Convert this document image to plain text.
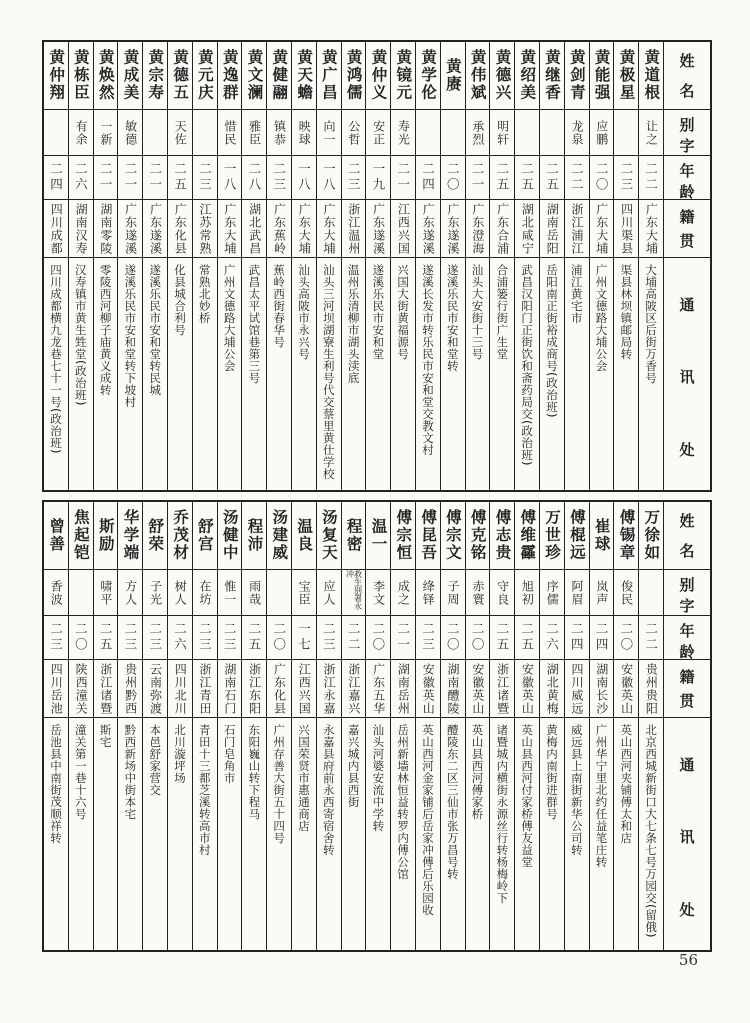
姓
名
别
字
年
龄
籍
贯
通
讯
处
黄道根
让之
二二
广东大埔
大埔高陂区后街万香号
黄极星
二三
四川渠县
渠县林坝镇邮局转
黄能强
应鹏
二〇
广东大埔
广州文德路大埔公会
黄剑青
龙泉
二二
浙江浦江
浦江黄宅市
黄继香
二五
湖南岳阳
岳阳南正街裕成商号(政治班)
黄绍美
二五
湖北咸宁
武昌汉阳门正街饮和斋药局交(政治班)
黄德兴
明轩
二五
广东合浦
合浦篓行街广生堂
黄伟斌
承烈
二一
广东澄海
汕头大安街十三号
黄赓
二〇
广东遂溪
遂溪乐民市安和堂转
黄学伦
二四
广东遂溪
遂溪长发市转乐民市安和堂交教文村
黄镜元
寿光
二一
江西兴国
兴国大街黄福源号
黄仲义
安正
一九
广东遂溪
遂溪乐民市安和堂
黄鸿儒
公哲
二三
浙江温州
温州乐清柳市湖头渎底
黄广昌
向一
一八
广东大埔
汕头三河坝湖寮生利号代交蔡里黄仕学校
黄天蟾
映球
一八
广东大埔
汕头高陂市永兴号
黄健翮
镇恭
二三
广东蕉岭
蕉岭西街春华号
黄文澜
雅臣
二八
湖北武昌
武昌太平试馆巷第三号
黄逸群
惜民
一八
广东大埔
广州文德路大埔公会
黄元庆
二三
江苏常熟
常熟北妙桥
黄德五
天佐
二五
广东化县
化县城合利号
黄宗寿
二一
广东遂溪
遂溪乐民市安和堂转民城
黄成美
敏德
二一
广东遂溪
遂溪乐民市安和堂转下坡村
黄焕然
一新
二一
湖南零陵
零陵西河柳子庙黄义成转
黄栋臣
有余
二六
湖南汉寿
汉寿镇市黄生甡堂(政治班)
黄仲翔
二四
四川成都
四川成都横九龙巷七十一号(政治班)
姓
名
别
字
年
龄
籍
贯
通
讯
处
万徐如
二二
贵州贵阳
北京西城新街口大七条七号万园交(留俄)
傅锡章
俊民
二〇
安徽英山
英山西河夹铺傅太和店
崔球
岚声
二四
湖南长沙
广州华宁里北约任益笔庄转
傅棍远
阿眉
二四
四川威远
威远县上南街新华公司转
万世珍
序儒
二六
湖北黄梅
黄梅内南街进群号
傅维靃
旭初
二五
安徽英山
英山县西河付家桥傅友益堂
傅志贵
守良
二五
浙江诸暨
诸暨城内横街永源丝行转杨梅岭下
傅克铭
赤寰
二〇
安徽英山
英山县西河傅家桥
傅宗文
子周
二〇
湖南醴陵
醴陵东二区三仙市张万昌号转
傅昆吾
绛铎
二三
安徽英山
英山西河金家铺后岳家冲傅后乐园收
傅宗恒
成之
二一
湖南岳州
岳州新墙林恒益转罗内傅公馆
温一
李文
二〇
广东五华
汕头河婆安流中学转
程密
救生别署永冲
二二
浙江嘉兴
嘉兴城内县西街
汤复天
应人
二三
浙江永嘉
永嘉县府前永西寄宿舍转
温良
宝臣
一七
江西兴国
兴国荣贤市惠通商店
汤建威
二〇
广东化县
广州存善大街五十四号
程沛
雨哉
二五
浙江东阳
东阳巍山转下程马
汤健中
惟一
二三
湖南石门
石门皂角市
舒宫
在坊
二三
浙江青田
青田十三都芝溪转高市村
乔茂材
树人
二六
四川北川
北川漩坪场
舒荣
子光
二三
云南弥渡
本邑舒家营交
华学端
方人
二三
贵州黔西
黔西新场中街本宅
斯励
啸平
二五
浙江诸暨
斯宅
焦起铠
二〇
陕西潼关
潼关第一巷十六号
曾善
香波
二三
四川岳池
岳池县中南街茂顺祥转
56
